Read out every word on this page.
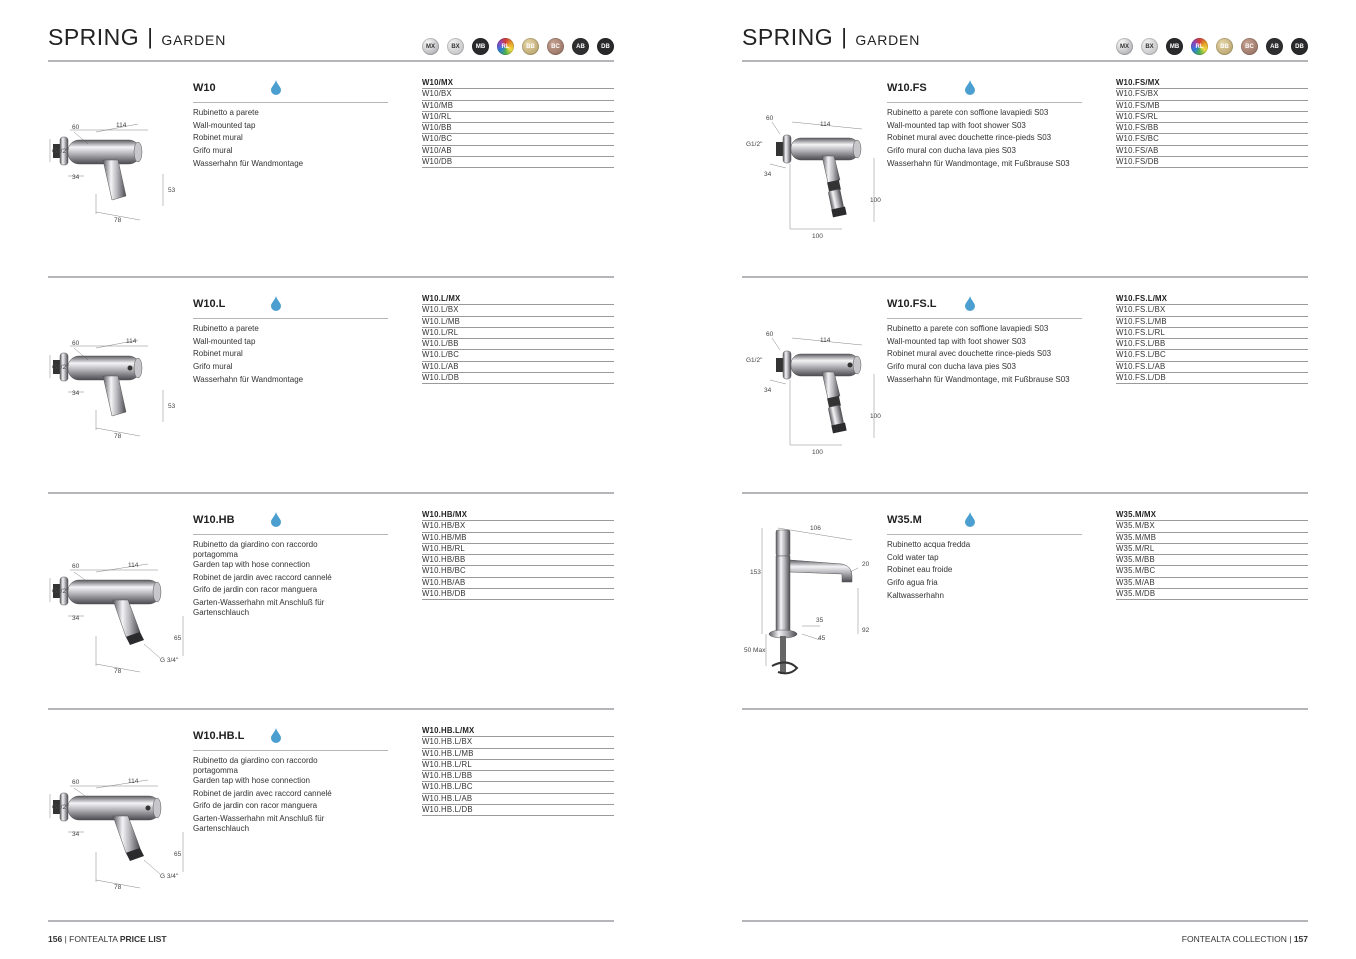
SPRING | GARDEN	MX	BX	MB	RL	BB	BC	AB	DB
114
60
G1/2"
34
53
78
W10
Rubinetto a parete
Wall-mounted tap
Robinet mural
Grifo mural
Wasserhahn für Wandmontage
W10/MX
W10/BX
W10/MB
W10/RL
W10/BB
W10/BC
W10/AB
W10/DB
114
60
G1/2"
34
53
78
W10.L
Rubinetto a parete
Wall-mounted tap
Robinet mural
Grifo mural
Wasserhahn für Wandmontage
W10.L/MX
W10.L/BX
W10.L/MB
W10.L/RL
W10.L/BB
W10.L/BC
W10.L/AB
W10.L/DB
114
60
G1/2"
34
65
78
G 3/4"
W10.HB
Rubinetto da giardino con raccordo
portagomma
Garden tap with hose connection
Robinet de jardin avec raccord cannelé
Grifo de jardin con racor manguera
Garten-Wasserhahn mit Anschluß für
Gartenschlauch
W10.HB/MX
W10.HB/BX
W10.HB/MB
W10.HB/RL
W10.HB/BB
W10.HB/BC
W10.HB/AB
W10.HB/DB
114
60
G1/2"
34
65
78
G 3/4"
W10.HB.L
Rubinetto da giardino con raccordo
portagomma
Garden tap with hose connection
Robinet de jardin avec raccord cannelé
Grifo de jardin con racor manguera
Garten-Wasserhahn mit Anschluß für
Gartenschlauch
W10.HB.L/MX
W10.HB.L/BX
W10.HB.L/MB
W10.HB.L/RL
W10.HB.L/BB
W10.HB.L/BC
W10.HB.L/AB
W10.HB.L/DB
156 | FONTEALTA PRICE LIST
SPRING | GARDEN	MX	BX	MB	RL	BB	BC	AB	DB
114
60
G1/2"
34
100
100
W10.FS
Rubinetto a parete con soffione lavapiedi S03
Wall-mounted tap with foot shower S03
Robinet mural avec douchette rince-pieds S03
Grifo mural con ducha lava pies S03
Wasserhahn für Wandmontage, mit Fußbrause S03
W10.FS/MX
W10.FS/BX
W10.FS/MB
W10.FS/RL
W10.FS/BB
W10.FS/BC
W10.FS/AB
W10.FS/DB
114
60
G1/2"
34
100
100
W10.FS.L
Rubinetto a parete con soffione lavapiedi S03
Wall-mounted tap with foot shower S03
Robinet mural avec douchette rince-pieds S03
Grifo mural con ducha lava pies S03
Wasserhahn für Wandmontage, mit Fußbrause S03
W10.FS.L/MX
W10.FS.L/BX
W10.FS.L/MB
W10.FS.L/RL
W10.FS.L/BB
W10.FS.L/BC
W10.FS.L/AB
W10.FS.L/DB
106
153
20
35
45
92
50 Max
W35.M
Rubinetto acqua fredda
Cold water tap
Robinet eau froide
Grifo agua fria
Kaltwasserhahn
W35.M/MX
W35.M/BX
W35.M/MB
W35.M/RL
W35.M/BB
W35.M/BC
W35.M/AB
W35.M/DB
FONTEALTA COLLECTION | 157
